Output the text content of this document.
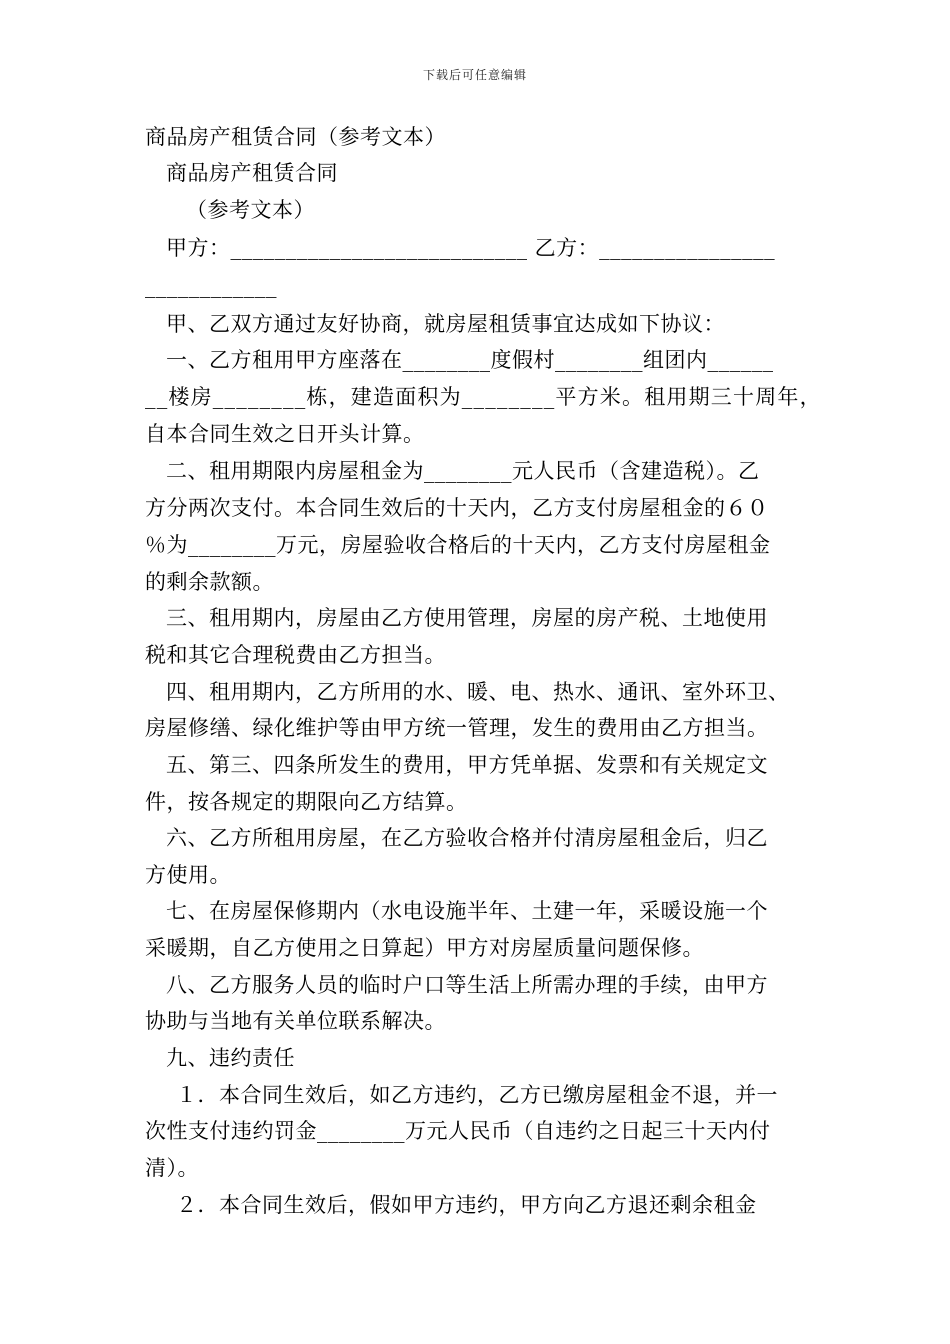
下载后可任意编辑
商品房产租赁合同（参考文本）
商品房产租赁合同
（参考文本）
甲方：___________________________ 乙方：________________
____________
甲、乙双方通过友好协商，就房屋租赁事宜达成如下协议：
一、乙方租用甲方座落在________度假村________组团内______
__楼房________栋，建造面积为________平方米。租用期三十周年，
自本合同生效之日开头计算。
二、租用期限内房屋租金为________元人民币（含建造税）。乙
方分两次支付。本合同生效后的十天内，乙方支付房屋租金的６０
％为________万元，房屋验收合格后的十天内，乙方支付房屋租金
的剩余款额。
三、租用期内，房屋由乙方使用管理，房屋的房产税、土地使用
税和其它合理税费由乙方担当。
四、租用期内，乙方所用的水、暖、电、热水、通讯、室外环卫、
房屋修缮、绿化维护等由甲方统一管理，发生的费用由乙方担当。
五、第三、四条所发生的费用，甲方凭单据、发票和有关规定文
件，按各规定的期限向乙方结算。
六、乙方所租用房屋，在乙方验收合格并付清房屋租金后，归乙
方使用。
七、在房屋保修期内（水电设施半年、土建一年，采暖设施一个
采暖期，自乙方使用之日算起）甲方对房屋质量问题保修。
八、乙方服务人员的临时户口等生活上所需办理的手续，由甲方
协助与当地有关单位联系解决。
九、违约责任
１．本合同生效后，如乙方违约，乙方已缴房屋租金不退，并一
次性支付违约罚金________万元人民币（自违约之日起三十天内付
清）。
２．本合同生效后，假如甲方违约，甲方向乙方退还剩余租金
